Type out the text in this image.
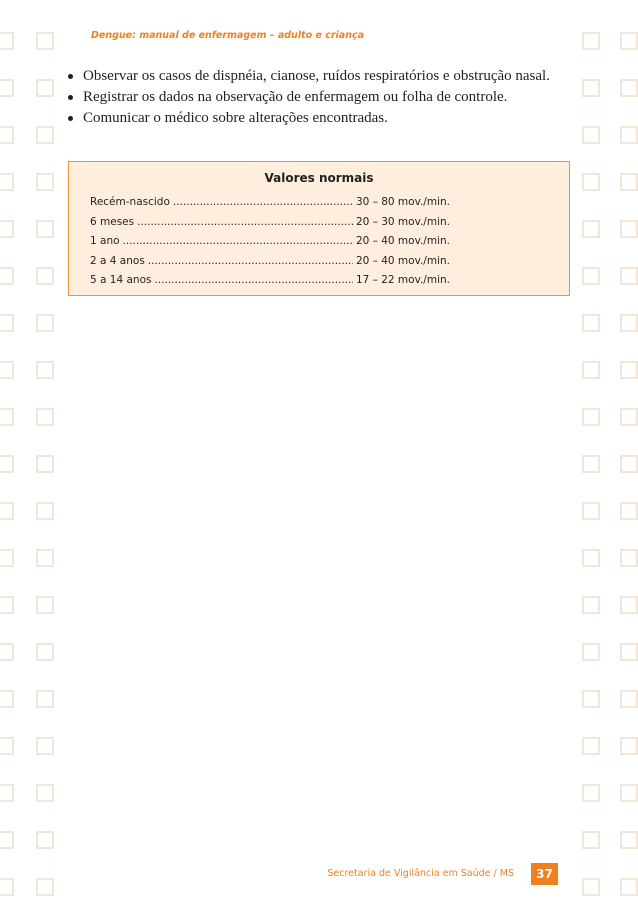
Dengue: manual de enfermagem – adulto e criança
Observar os casos de dispnéia, cianose, ruídos respiratórios e obstrução nasal.
Registrar os dados na observação de enfermagem ou folha de controle.
Comunicar o médico sobre alterações encontradas.
Valores normais
Recém-nascido .....	30 – 80 mov./min.
6 meses .....	20 – 30 mov./min.
1 ano .....	20 – 40 mov./min.
2 a 4 anos .....	20 – 40 mov./min.
5 a 14 anos .....	17 – 22 mov./min.
Secretaria de Vigilância em Saúde / MS	37
